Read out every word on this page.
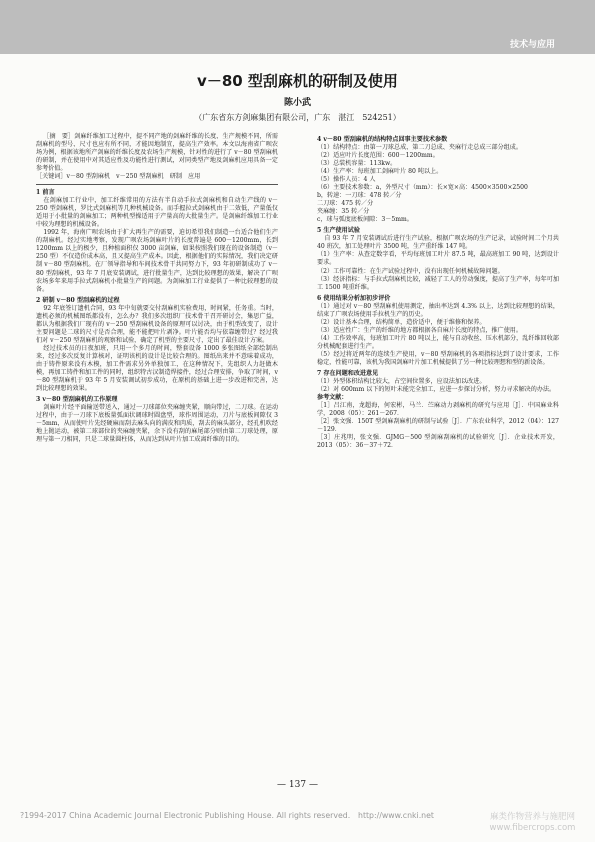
技术与应用
v－80 型刮麻机的研制及使用
陈小武
（广东省东方剑麻集团有限公司，广东　湛江　524251）

［摘　要］剑麻纤维加工过程中，提不同产地的剑麻纤维的长度、生产规模不同，所需刮麻机的型号、尺寸也应有所不同，才能因地制宜，提高生产效率。本文以海南省广呗农场为例，根据该地所产剑麻的纤维长度及农场生产规模，针对性的进行了 v－80 型刮麻机的研制，并在使用中对其适应性及功能性进行测试，对同类型产地及剑麻机应用具备一定参考价值。

［关键词］v－80 型刮麻机　v－250 型刮麻机　研制　应用

1 前言

在剑麻加工行业中，加工纤维常用的方法有半自动手拉式剑麻机和自动生产线的 v－250 型剑麻机，罗比式剑麻机等几种机械设备。而手握拉式剑麻机由于二效低，产量低仅适用于小批量的剑麻加工；两种机型操适用于产量高的大批量生产。是剑麻纤维加工行业中较为理想的机械设备。

1992 年，海南广呗农场由于扩大再生产的需要，迫切希望我们制造一台适合他们生产的刮麻机。经过实地考察，发现广呗农场剑麻叶片的长度普遍是 600－1200mm，长到 1200mm 以上的极少，且种植面积仅 3000 亩剑麻，如果按照我们现在的设备制造（v－250 型）不仅造价成本高，且又提高生产成本。因此，根据他们的实际情况，我们决定研制 v－80 型刮麻机。在厂领导指导和车间技术骨干共同努力下，93 年初研制成功了 v－80 型刮麻机，93 年 7 月底安装调试，进行批量生产，达到比较理想的效果，解决了广呗农场多年来用手拉式刮麻机小批量生产的问题。为剑麻加工行业提供了一种比较理想的设备。

2 研制 v－80 型刮麻机的过程

92 年底签订遗机合同，93 年中旬就要交付刮麻机实验费用，时间紧，任务重。当时，遗机必须的机械图纸都没有，怎么办？我们多次组织厂技术骨干召开研讨会，集思广益，都认为根据我们厂现有的 v－250 型刮麻机设备的原理可以讨决，由于机型改变了，设计主要问题是二球的尺寸是否合理，能不能把叶片剥净。叶片能否均与依靠缠带过？经过我们对 v－250 型刮麻机的观察和试验，确定了机型的主要尺寸，定出了最佳设计方案。

经过技术员的日夜加班，只用一个多月的时间，整套设备 1000 多张图纸全部绘制出来，经过多次反复计算核对，证明该机的设计是比较合理的。图纸出来并不意味着成功，由于铸件原来没有木模，加工件需求另外单独加工，在这种情况下，先组织人力赶做木模，再加工铸件和加工件的同时，组织特古汉制造焊接件，经过合理安排，争取了时间，v－80 型刮麻机于 93 年 5 月安装调试初步成功，在原机的基础上进一步改进和完善，达到比较理想的效果。

3 v－80 型刮麻机的工作原理

剑麻叶片经平面输送带送入，通过一刀球部位夹麻缠夹紧，顺向带过，二刀球。在运动过程中，由于一刀球下底板量弧面状调球时圆盘型，球作周围运动，刀片与底板间隙仅 3－5mm，从而使叶片先经硬麻而刮去麻头向的满皮和肉质，刮去的麻头部分，经孔机吹经地上抛运动，被第二球部位的夹麻缠夹紧，余下没有刮的麻尾部分则由第二刀球处理，原理与第一刀相同，只是二球量圆柱体，从而达到从叶片加工成离纤维的目的。

4 v－80 型刮麻机的结构特点回事主要技术参数

（1）结构特点：由第一刀球总成、第二刀总成、夹麻行走总成三部分组成。

（2）适应叶片长度范围：600－1200mm。

（3）总装机容量：113kw。

（4）生产率：每班加工剑麻叶片 80 吨以上。

（5）操作人员：4 人

（6）主要技术参数：a，外型尺寸（mm）：长×宽×高：4500×3500×2500

b，转速：一刀球：478 转／分

二刀球：475 转／分

夹麻缠：35 转／分

c，球与弧度底板间隙：3－5mm。

5 生产使用试验

自 93 年 7 月安装调试后进行生产试验，根据广呗农场的生产记录，试验时间二个月共 40 班次，加工处理叶片 3500 吨，生产重纤维 147 吨。

（1）生产率：从查定数字看，平均每班加工叶片 87.5 吨，最高班加工 90 吨，达到设计要求。

（2）工作可靠性：在生产试验过程中，没有出现任何机械故障问题。

（3）经济指标：与手拉式刮麻机比较，减轻了工人的劳动强度，提高了生产率，每年可加工 1500 吨重纤维。

6 使用结果分析加初步评价

（1）通过对 v－80 型刮麻机使用测定，抽出率达到 4.3% 以上，达到比较理想的结果，结束了广呗农场使用手拉机生产的历史。

（2）设计基本合理，结构简单，造价适中，便于维修和保养。

（3）适应性广：生产的纤维的地方都根据各自麻片长度的特点，推广使用。

（4）工作效率高，每班加工叶片 80 吨以上，能与自动收丝、压水机部分，乱纤维回收部分机械配套进行生产。

（5）经过将近两年的连续生产使用，v－80 型刮麻机的各项指标达到了设计要求，工作稳定，性能可靠，该机为我国剑麻叶片加工机械提供了另一种比较理想和型的新设备。

7 存在问题和改进意见

（1）外型体积结构比较大，占空间位置多，应设法加以改进。

（2）对 600mm 以下的短叶未能完全加工，应进一步探讨分析，努力寻求解决的办法。

参考文献：

［1］吕江南，龙超海，何宏彬，马兰．苎麻动力剥麻机的研究与应用［J］．中国麻业科学，2008（05）：261－267．

［2］张文强．150T 型剑麻刮麻机的研制与试验［J］．广东农业科学，2012（04）：127－129．

［3］庄兆明，张文强．GJMG－500 型剑麻刮麻机的试验研究［J］．企业技术开发，2013（05）：36－37＋72．

— 137 —
?1994-2017 China Academic Journal Electronic Publishing House. All rights reserved.　http://www.cnki.net	麻类作物营养与施肥网
www.fibercrops.com
